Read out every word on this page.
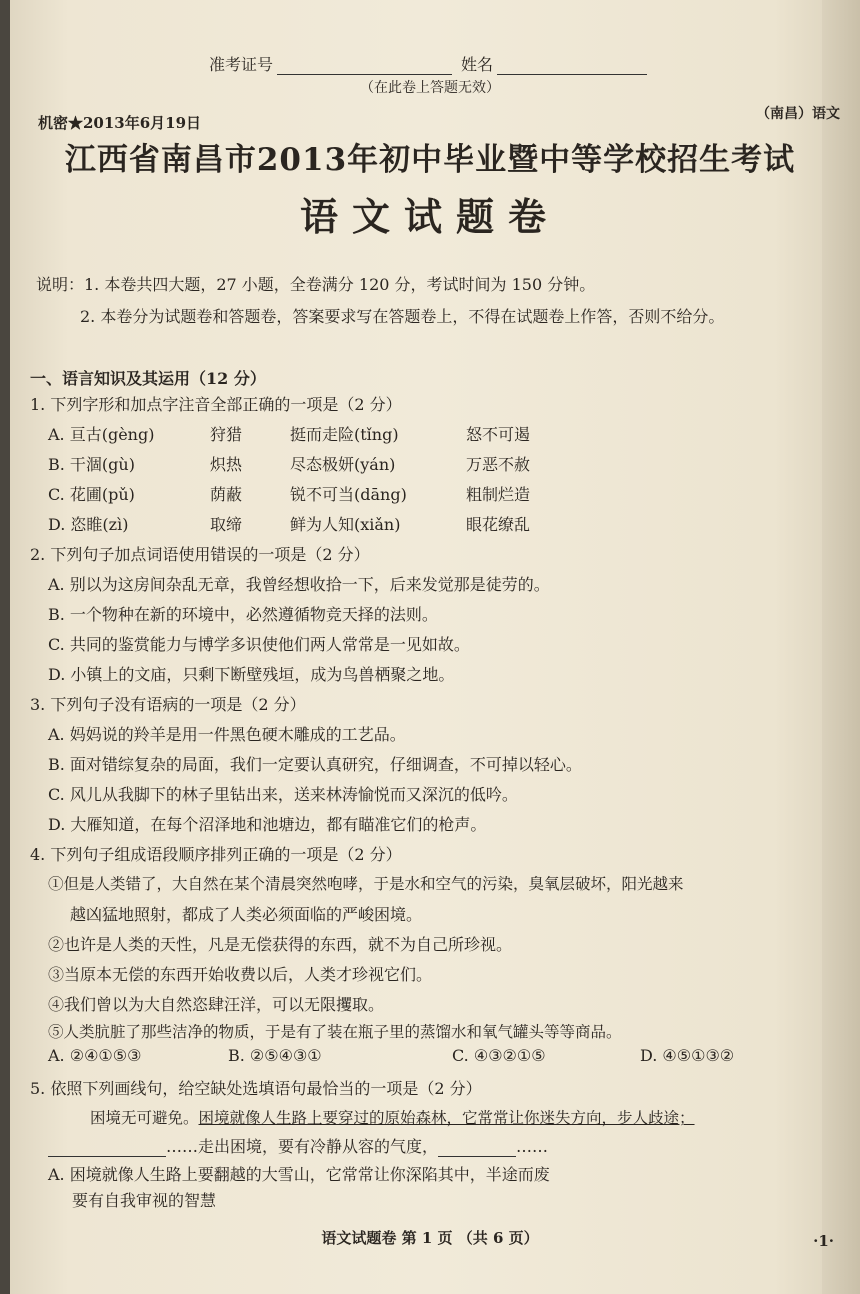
准考证号	姓名
（在此卷上答题无效）
机密★2013年6月19日	（南昌）语文
江西省南昌市2013年初中毕业暨中等学校招生考试
语文试题卷
说明：1. 本卷共四大题，27 小题，全卷满分 120 分，考试时间为 150 分钟。
2. 本卷分为试题卷和答题卷，答案要求写在答题卷上，不得在试题卷上作答，否则不给分。
一、语言知识及其运用（12 分）
1. 下列字形和加点字注音全部正确的一项是（2 分）
A. 亘古(gèng)	狩猎	挺而走险(tǐng)	怒不可遏
B. 干涸(gù)	炽热	尽态极妍(yán)	万恶不赦
C. 花圃(pǔ)	荫蔽	锐不可当(dāng)	粗制烂造
D. 恣睢(zì)	取缔	鲜为人知(xiǎn)	眼花缭乱
2. 下列句子加点词语使用错误的一项是（2 分）
A. 别以为这房间杂乱无章，我曾经想收拾一下，后来发觉那是徒劳的。
B. 一个物种在新的环境中，必然遵循物竞天择的法则。
C. 共同的鉴赏能力与博学多识使他们两人常常是一见如故。
D. 小镇上的文庙，只剩下断壁残垣，成为鸟兽栖聚之地。
3. 下列句子没有语病的一项是（2 分）
A. 妈妈说的羚羊是用一件黑色硬木雕成的工艺品。
B. 面对错综复杂的局面，我们一定要认真研究，仔细调查，不可掉以轻心。
C. 风儿从我脚下的林子里钻出来，送来林涛愉悦而又深沉的低吟。
D. 大雁知道，在每个沼泽地和池塘边，都有瞄准它们的枪声。
4. 下列句子组成语段顺序排列正确的一项是（2 分）
①但是人类错了，大自然在某个清晨突然咆哮，于是水和空气的污染，臭氧层破坏，阳光越来
越凶猛地照射，都成了人类必须面临的严峻困境。
②也许是人类的天性，凡是无偿获得的东西，就不为自己所珍视。
③当原本无偿的东西开始收费以后，人类才珍视它们。
④我们曾以为大自然恣肆汪洋，可以无限攫取。
⑤人类肮脏了那些洁净的物质，于是有了装在瓶子里的蒸馏水和氧气罐头等等商品。
A. ②④①⑤③	B. ②⑤④③①	C. ④③②①⑤	D. ④⑤①③②
5. 依照下列画线句，给空缺处选填语句最恰当的一项是（2 分）
困境无可避免。困境就像人生路上要穿过的原始森林，它常常让你迷失方向，步人歧途；
……走出困境，要有冷静从容的气度，	……
A. 困境就像人生路上要翻越的大雪山，它常常让你深陷其中，半途而废
要有自我审视的智慧
语文试题卷 第 1 页 （共 6 页）	·1·
